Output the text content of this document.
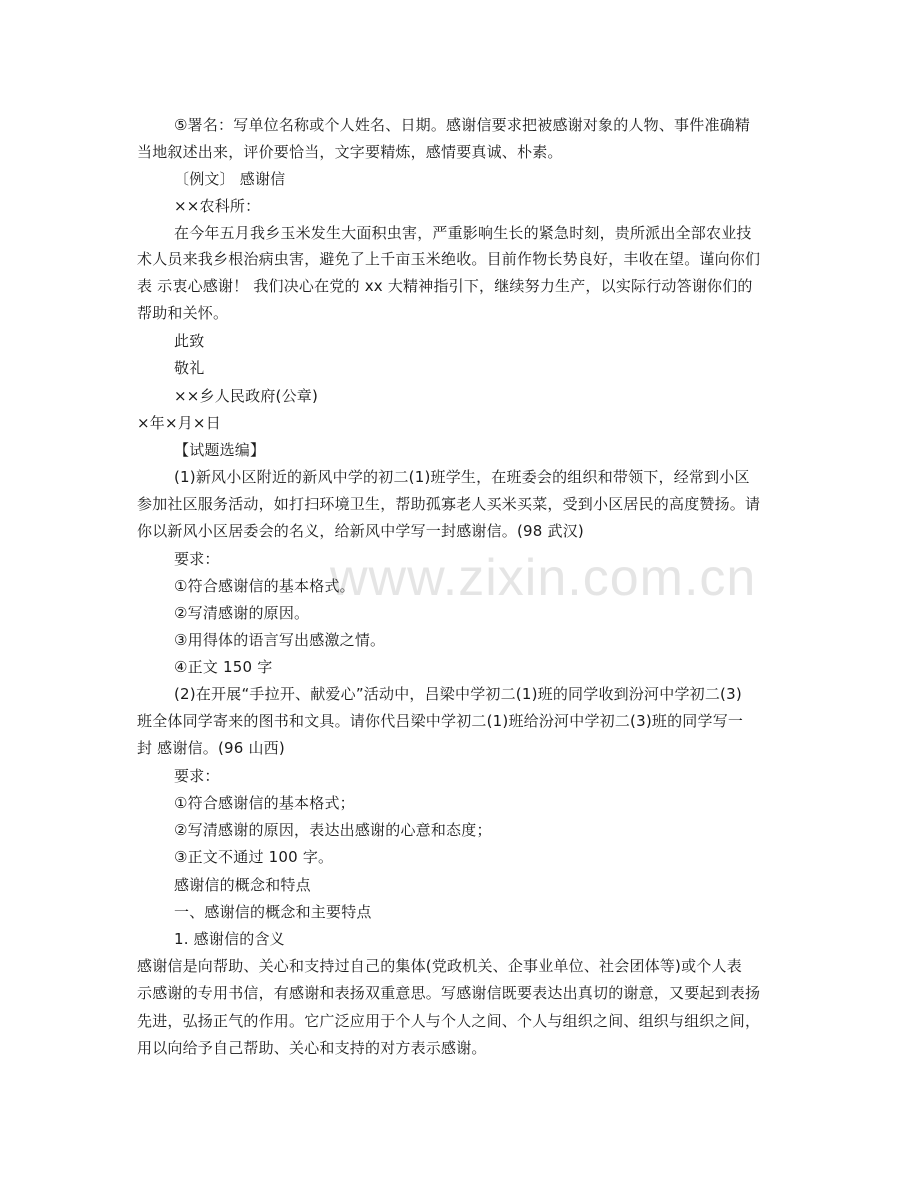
www.zixin.com.cn
⑤署名：写单位名称或个人姓名、日期。感谢信要求把被感谢对象的人物、事件准确精
当地叙述出来，评价要恰当，文字要精炼，感情要真诚、朴素。
〔例文〕 感谢信
××农科所：
在今年五月我乡玉米发生大面积虫害，严重影响生长的紧急时刻，贵所派出全部农业技
术人员来我乡根治病虫害，避免了上千亩玉米绝收。目前作物长势良好，丰收在望。谨向你们
表 示衷心感谢！ 我们决心在党的 xx 大精神指引下，继续努力生产，以实际行动答谢你们的
帮助和关怀。
此致
敬礼
××乡人民政府(公章)
×年×月×日
【试题选编】
(1)新风小区附近的新风中学的初二(1)班学生，在班委会的组织和带领下，经常到小区
参加社区服务活动，如打扫环境卫生，帮助孤寡老人买米买菜，受到小区居民的高度赞扬。请
你以新风小区居委会的名义，给新风中学写一封感谢信。(98 武汉)
要求：
①符合感谢信的基本格式。
②写清感谢的原因。
③用得体的语言写出感激之情。
④正文 150 字
(2)在开展“手拉开、献爱心”活动中，吕梁中学初二(1)班的同学收到汾河中学初二(3)
班全体同学寄来的图书和文具。请你代吕梁中学初二(1)班给汾河中学初二(3)班的同学写一
封 感谢信。(96 山西)
要求：
①符合感谢信的基本格式；
②写清感谢的原因，表达出感谢的心意和态度；
③正文不通过 100 字。
感谢信的概念和特点
一、感谢信的概念和主要特点
1. 感谢信的含义
感谢信是向帮助、关心和支持过自己的集体(党政机关、企事业单位、社会团体等)或个人表
示感谢的专用书信，有感谢和表扬双重意思。写感谢信既要表达出真切的谢意，又要起到表扬
先进，弘扬正气的作用。它广泛应用于个人与个人之间、个人与组织之间、组织与组织之间，
用以向给予自己帮助、关心和支持的对方表示感谢。
